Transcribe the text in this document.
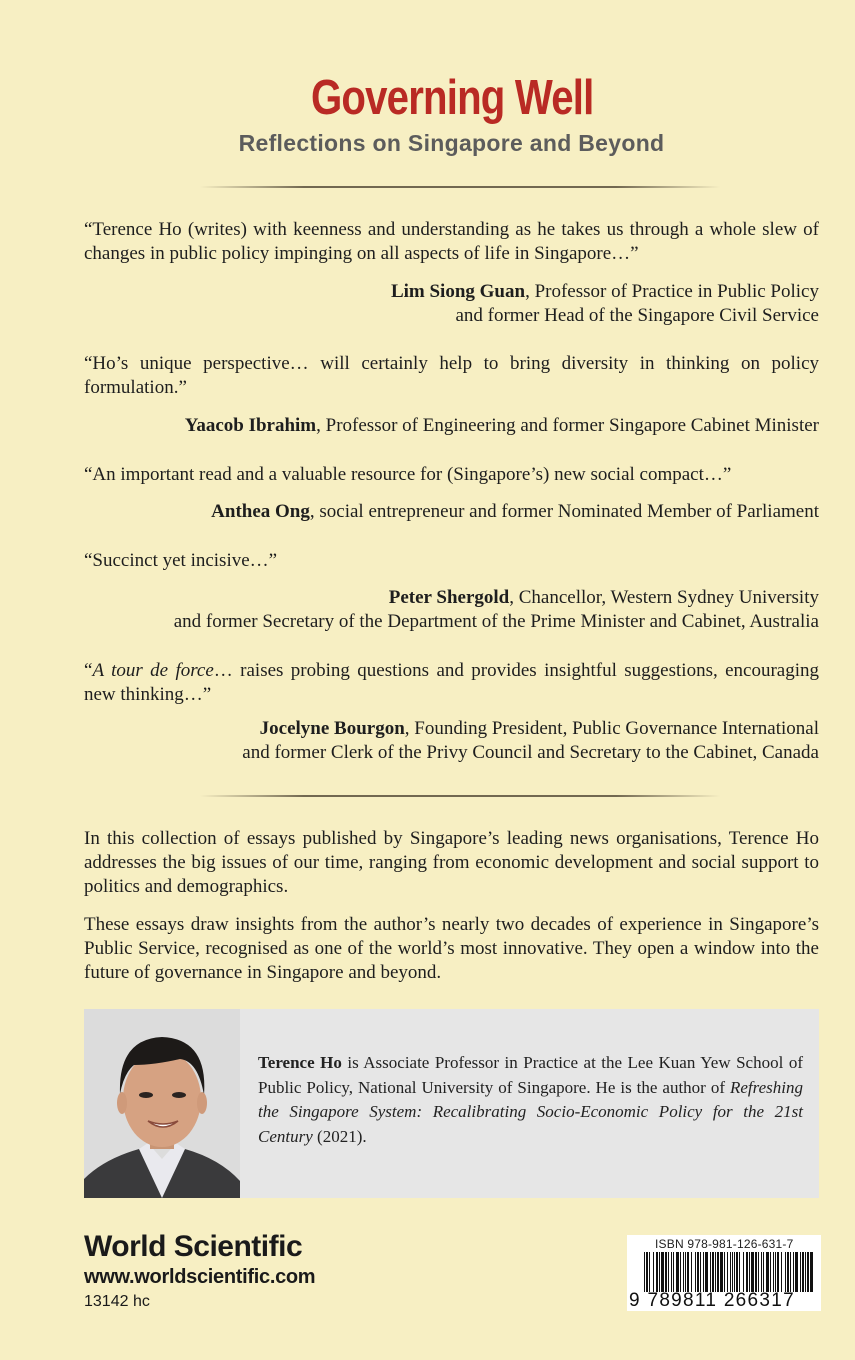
Governing Well
Reflections on Singapore and Beyond
“Terence Ho (writes) with keenness and understanding as he takes us through a whole slew of changes in public policy impinging on all aspects of life in Singapore…”
Lim Siong Guan, Professor of Practice in Public Policy
and former Head of the Singapore Civil Service
“Ho’s unique perspective… will certainly help to bring diversity in thinking on policy formulation.”
Yaacob Ibrahim, Professor of Engineering and former Singapore Cabinet Minister
“An important read and a valuable resource for (Singapore’s) new social compact…”
Anthea Ong, social entrepreneur and former Nominated Member of Parliament
“Succinct yet incisive…”
Peter Shergold, Chancellor, Western Sydney University
and former Secretary of the Department of the Prime Minister and Cabinet, Australia
“A tour de force… raises probing questions and provides insightful suggestions, encouraging new thinking…”
Jocelyne Bourgon, Founding President, Public Governance International
and former Clerk of the Privy Council and Secretary to the Cabinet, Canada
In this collection of essays published by Singapore’s leading news organisations, Terence Ho addresses the big issues of our time, ranging from economic development and social support to politics and demographics.
These essays draw insights from the author’s nearly two decades of experience in Singapore’s Public Service, recognised as one of the world’s most innovative. They open a window into the future of governance in Singapore and beyond.
Terence Ho is Associate Professor in Practice at the Lee Kuan Yew School of Public Policy, National University of Singapore. He is the author of Refreshing the Singapore System: Recalibrating Socio-Economic Policy for the 21st Century (2021).
World Scientific
www.worldscientific.com
13142 hc
ISBN 978-981-126-631-7
9 789811 266317
